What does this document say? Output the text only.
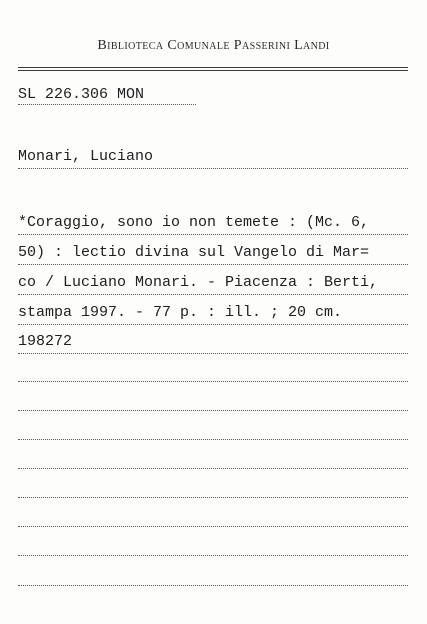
Biblioteca Comunale Passerini Landi
SL 226.306 MON
Monari, Luciano
*Coraggio, sono io non temete : (Mc. 6,
50) : lectio divina sul Vangelo di Mar=
co / Luciano Monari. - Piacenza : Berti,
stampa 1997. - 77 p. : ill. ; 20 cm.
198272
